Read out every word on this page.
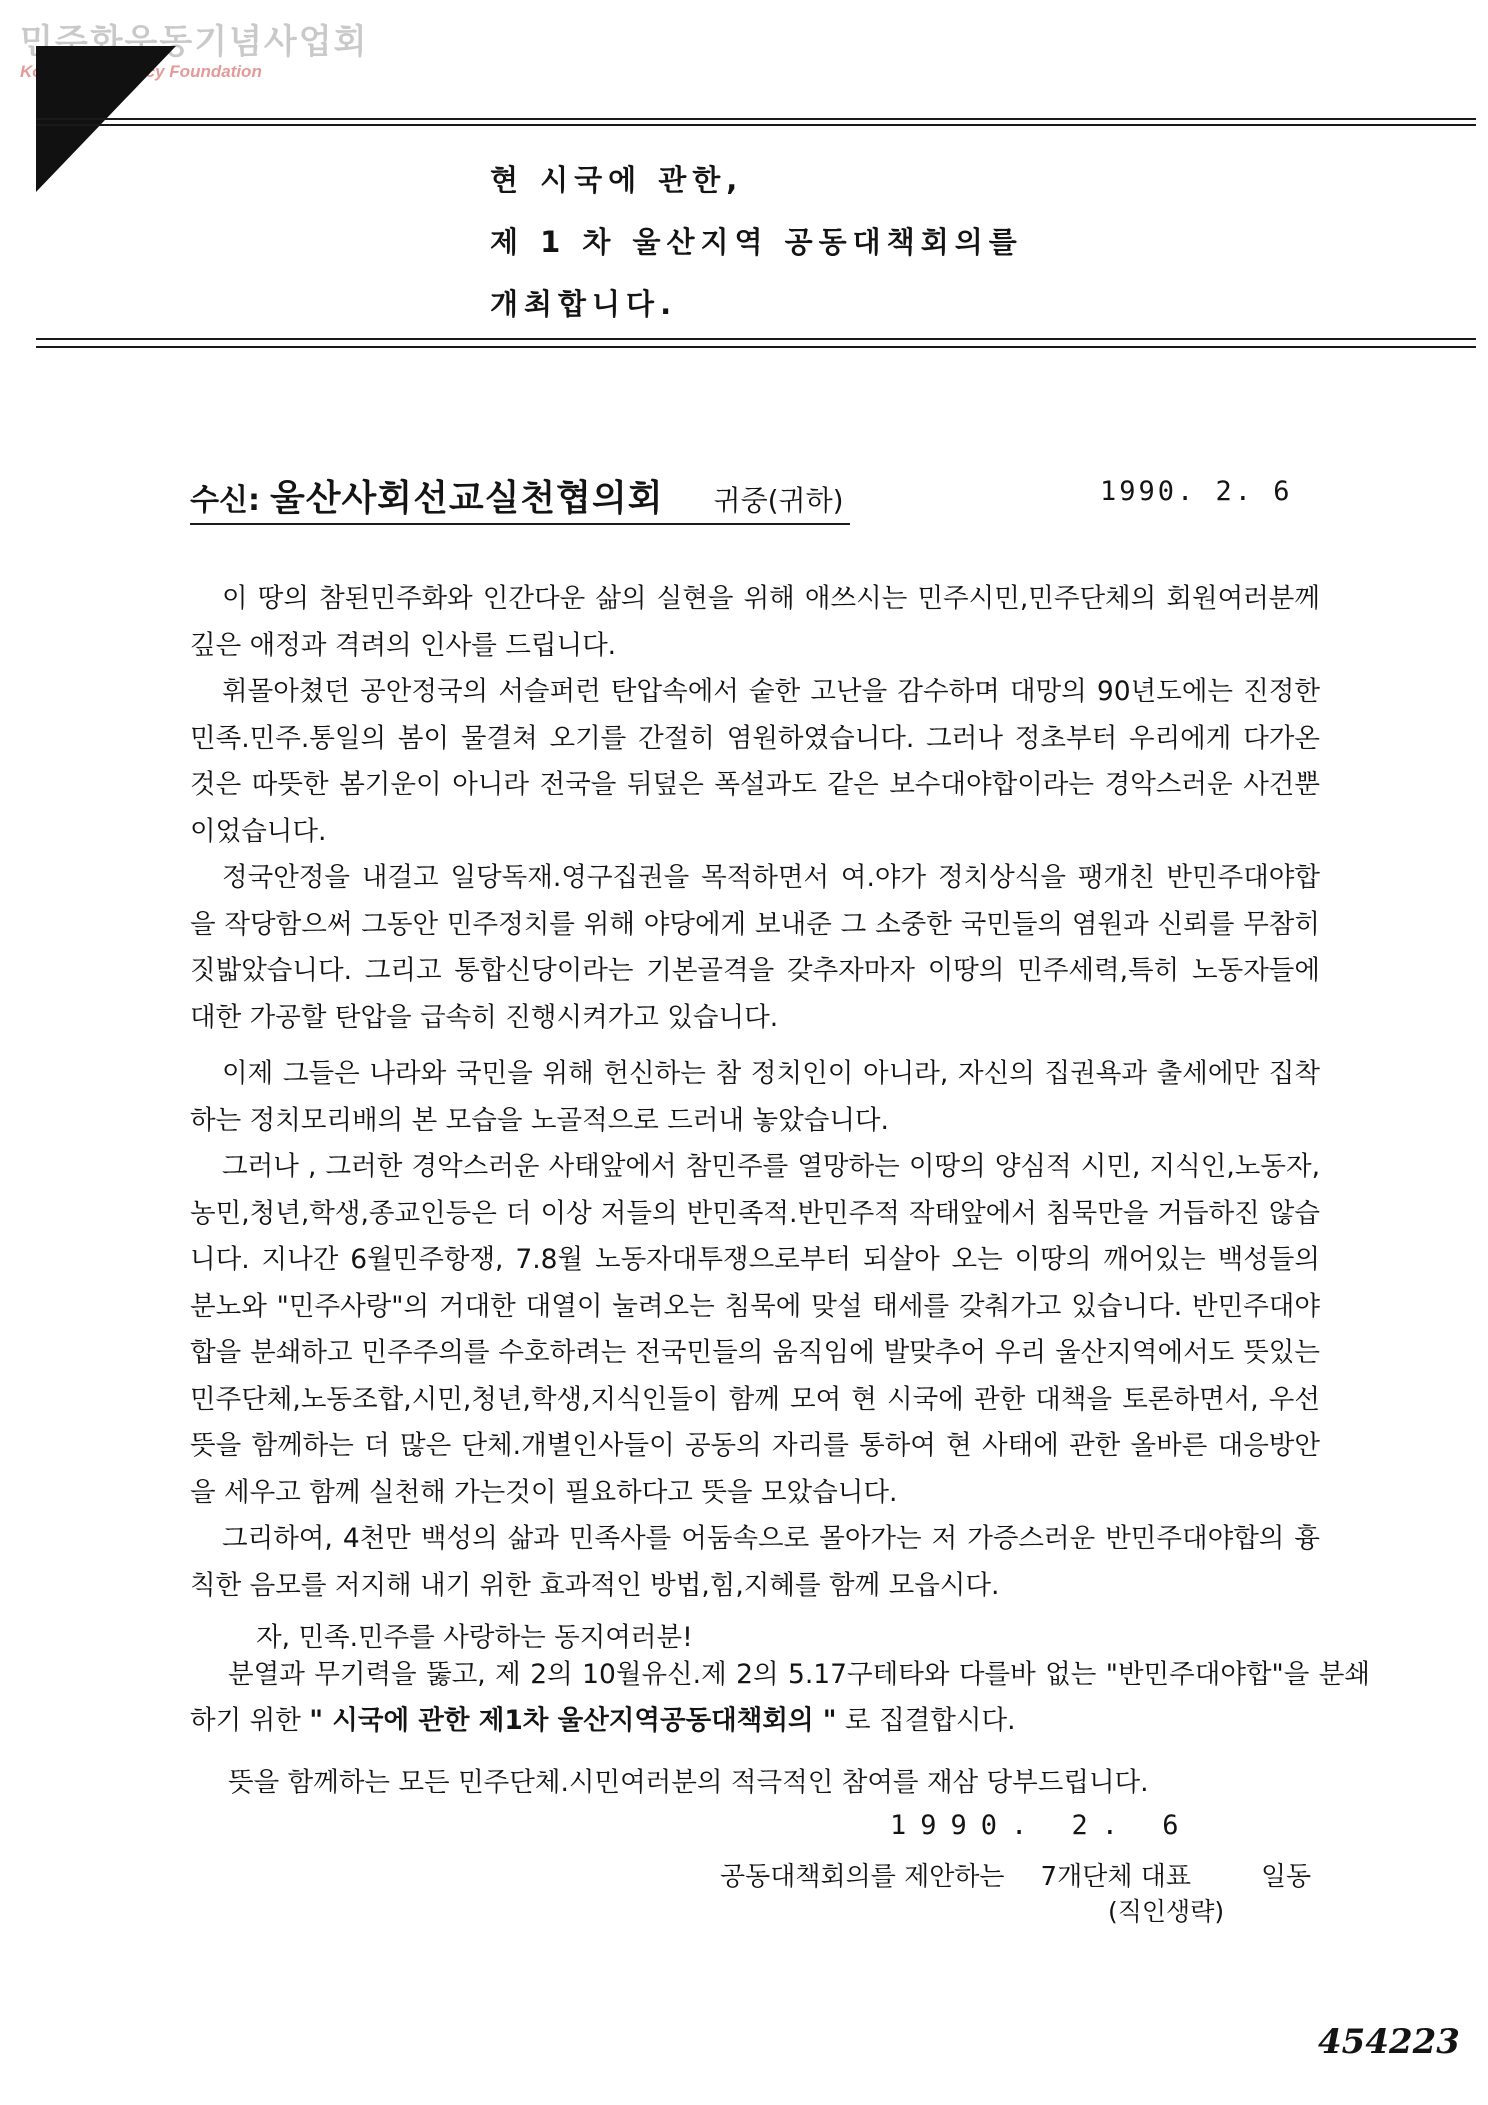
민주화운동기념사업회
Korea Democracy Foundation
현 시국에 관한,
제 1 차 울산지역 공동대책회의를
개최합니다.
수신: 울산사회선교실천협의회 귀중(귀하)	1990. 2. 6

이 땅의 참된민주화와 인간다운 삶의 실현을 위해 애쓰시는 민주시민,민주단체의 회원여러분께 깊은 애정과 격려의 인사를 드립니다.

휘몰아쳤던 공안정국의 서슬퍼런 탄압속에서 숱한 고난을 감수하며 대망의 90년도에는 진정한 민족.민주.통일의 봄이 물결쳐 오기를 간절히 염원하였습니다. 그러나 정초부터 우리에게 다가온 것은 따뜻한 봄기운이 아니라 전국을 뒤덮은 폭설과도 같은 보수대야합이라는 경악스러운 사건뿐이었습니다.

정국안정을 내걸고 일당독재.영구집권을 목적하면서 여.야가 정치상식을 팽개친 반민주대야합을 작당함으써 그동안 민주정치를 위해 야당에게 보내준 그 소중한 국민들의 염원과 신뢰를 무참히 짓밟았습니다. 그리고 통합신당이라는 기본골격을 갖추자마자 이땅의 민주세력,특히 노동자들에 대한 가공할 탄압을 급속히 진행시켜가고 있습니다.

이제 그들은 나라와 국민을 위해 헌신하는 참 정치인이 아니라, 자신의 집권욕과 출세에만 집착하는 정치모리배의 본 모습을 노골적으로 드러내 놓았습니다.

그러나 , 그러한 경악스러운 사태앞에서 참민주를 열망하는 이땅의 양심적 시민, 지식인,노동자,농민,청년,학생,종교인등은 더 이상 저들의 반민족적.반민주적 작태앞에서 침묵만을 거듭하진 않습니다. 지나간 6월민주항쟁, 7.8월 노동자대투쟁으로부터 되살아 오는 이땅의 깨어있는 백성들의 분노와 "민주사랑"의 거대한 대열이 눌려오는 침묵에 맞설 태세를 갖춰가고 있습니다. 반민주대야합을 분쇄하고 민주주의를 수호하려는 전국민들의 움직임에 발맞추어 우리 울산지역에서도 뜻있는 민주단체,노동조합,시민,청년,학생,지식인들이 함께 모여 현 시국에 관한 대책을 토론하면서, 우선 뜻을 함께하는 더 많은 단체.개별인사들이 공동의 자리를 통하여 현 사태에 관한 올바른 대응방안을 세우고 함께 실천해 가는것이 필요하다고 뜻을 모았습니다.

그리하여, 4천만 백성의 삶과 민족사를 어둠속으로 몰아가는 저 가증스러운 반민주대야합의 흉칙한 음모를 저지해 내기 위한 효과적인 방법,힘,지혜를 함께 모읍시다.

자, 민족.민주를 사랑하는 동지여러분!

분열과 무기력을 뚫고, 제 2의 10월유신.제 2의 5.17구테타와 다를바 없는 "반민주대야합"을 분쇄하기 위한 " 시국에 관한 제1차 울산지역공동대책회의 " 로 집결합시다.

뜻을 함께하는 모든 민주단체.시민여러분의 적극적인 참여를 재삼 당부드립니다.

1990. 2. 6
공동대책회의를 제안하는 7개단체 대표	일동
(직인생략)
454223
